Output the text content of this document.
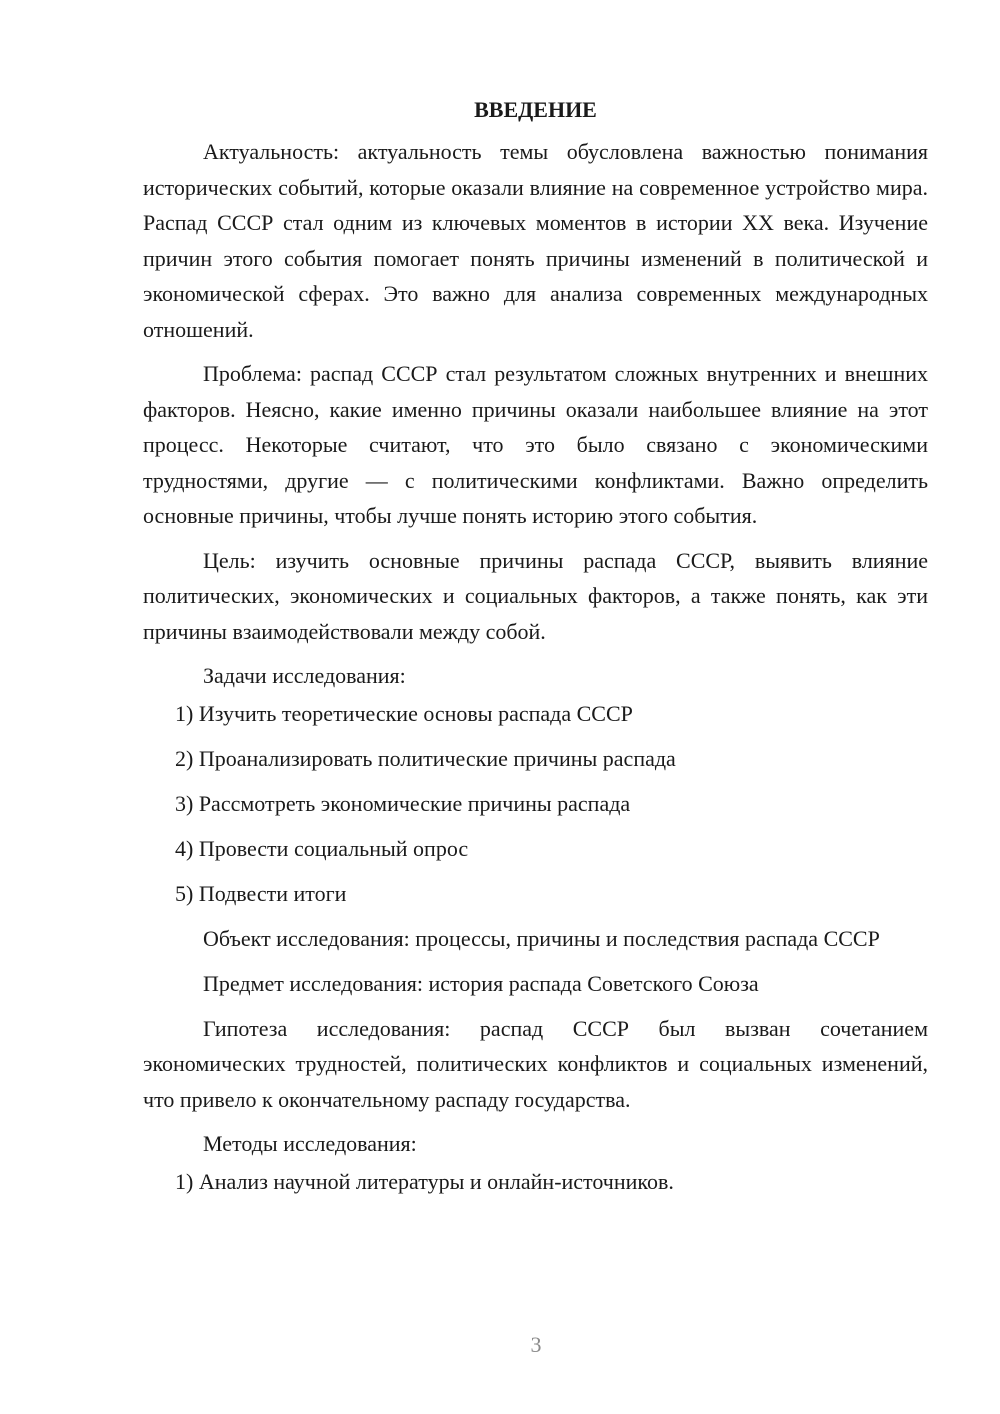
ВВЕДЕНИЕ

Актуальность: актуальность темы обусловлена важностью понимания исторических событий, которые оказали влияние на современное устройство мира. Распад СССР стал одним из ключевых моментов в истории XX века. Изучение причин этого события помогает понять причины изменений в политической и экономической сферах. Это важно для анализа современных международных отношений.

Проблема: распад СССР стал результатом сложных внутренних и внешних факторов. Неясно, какие именно причины оказали наибольшее влияние на этот процесс. Некоторые считают, что это было связано с экономическими трудностями, другие — с политическими конфликтами. Важно определить основные причины, чтобы лучше понять историю этого события.

Цель: изучить основные причины распада СССР, выявить влияние политических, экономических и социальных факторов, а также понять, как эти причины взаимодействовали между собой.

Задачи исследования:

1) Изучить теоретические основы распада СССР
2) Проанализировать политические причины распада
3) Рассмотреть экономические причины распада
4) Провести социальный опрос
5) Подвести итоги

Объект исследования: процессы, причины и последствия распада СССР

Предмет исследования: история распада Советского Союза

Гипотеза исследования: распад СССР был вызван сочетанием экономических трудностей, политических конфликтов и социальных изменений, что привело к окончательному распаду государства.

Методы исследования:

1) Анализ научной литературы и онлайн-источников.
3
